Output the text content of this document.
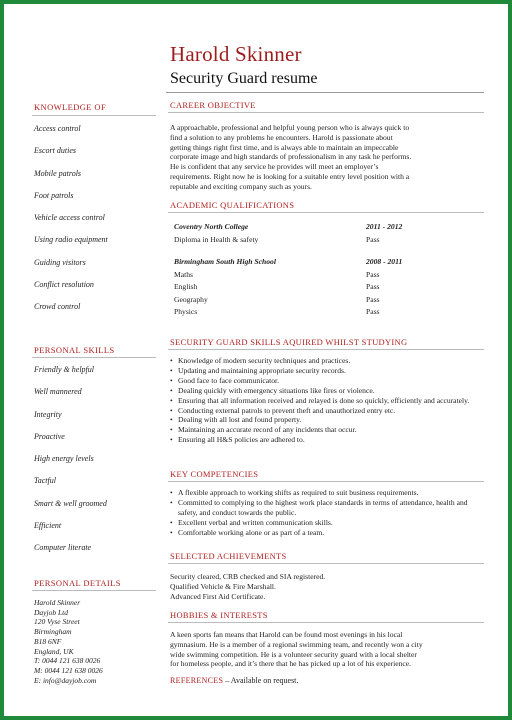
Harold Skinner
Security Guard resume
KNOWLEDGE OF
Access control
Escort duties
Mobile patrols
Foot patrols
Vehicle access control
Using radio equipment
Guiding visitors
Conflict resolution
Crowd control
PERSONAL SKILLS
Friendly & helpful
Well mannered
Integrity
Proactive
High energy levels
Tactful
Smart & well groomed
Efficient
Computer literate
PERSONAL DETAILS
Harold Skinner
Dayjob Ltd
120 Vyse Street
Birmingham
B18 6NF
England, UK
T: 0044 121 638 0026
M: 0044 121 638 0026
E: info@dayjob.com
CAREER OBJECTIVE

A approachable, professional and helpful young person who is always quick to

find a solution to any problems he encounters. Harold is passionate about

getting things right first time, and is always able to maintain an impeccable

corporate image and high standards of professionalism in any task he performs.

He is confident that any service he provides will meet an employer’s

requirements. Right now he is looking for a suitable entry level position with a

reputable and exciting company such as yours.

ACADEMIC QUALIFICATIONS
Coventry North College	2011 - 2012
Diploma in Health & safety	Pass
Birmingham South High School	2008 - 2011
Maths	Pass
English	Pass
Geography	Pass
Physics	Pass
SECURITY GUARD SKILLS AQUIRED WHILST STUDYING
• Knowledge of modern security techniques and practices.
• Updating and maintaining appropriate security records.
• Good face to face communicator.
• Dealing quickly with emergency situations like fires or violence.
• Ensuring that all information received and relayed is done so quickly, efficiently and accurately.
• Conducting external patrols to prevent theft and unauthorized entry etc.
• Dealing with all lost and found property.
• Maintaining an accurate record of any incidents that occur.
• Ensuring all H&S policies are adhered to.
KEY COMPETENCIES
• A flexible approach to working shifts as required to suit business requirements.
• Committed to complying to the highest work place standards in terms of attendance, health and safety, and conduct towards the public.
• Excellent verbal and written communication skills.
• Comfortable working alone or as part of a team.
SELECTED ACHIEVEMENTS

Security cleared, CRB checked and SIA registered.

Qualified Vehicle & Fire Marshall.

Advanced First Aid Certificate.

HOBBIES & INTERESTS

A keen sports fan means that Harold can be found most evenings in his local

gymnasium. He is a member of a regional swimming team, and recently won a city

wide swimming competition. He is a volunteer security guard with a local shelter

for homeless people, and it’s there that he has picked up a lot of his experience.

REFERENCES – Available on request.
